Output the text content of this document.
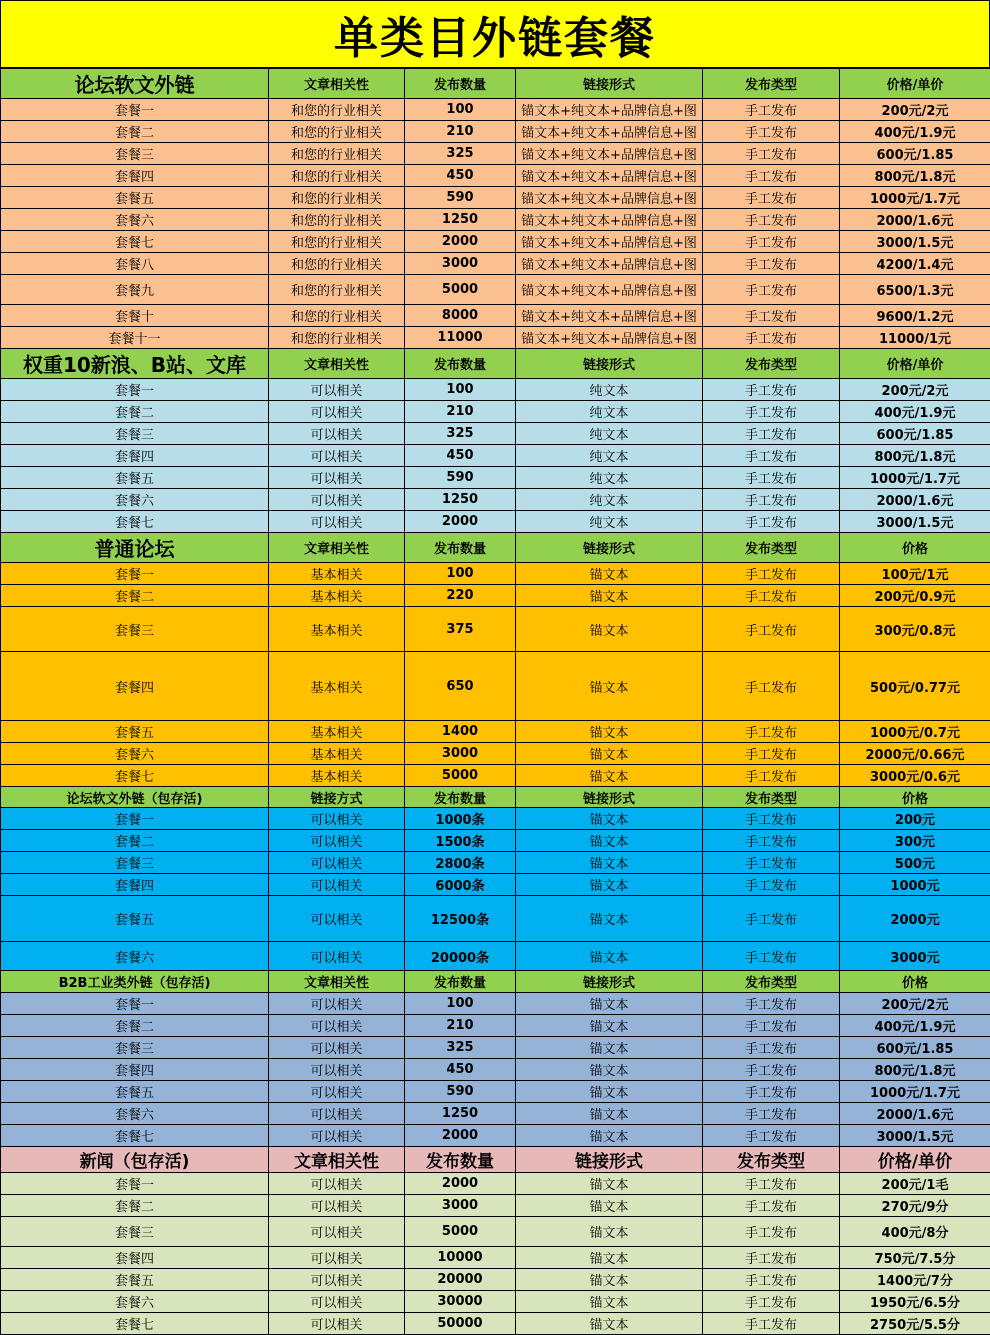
单类目外链套餐
论坛软文外链	文章相关性	发布数量	链接形式	发布类型	价格/单价
套餐一	和您的行业相关	100	锚文本+纯文本+品牌信息+图	手工发布	200元/2元
套餐二	和您的行业相关	210	锚文本+纯文本+品牌信息+图	手工发布	400元/1.9元
套餐三	和您的行业相关	325	锚文本+纯文本+品牌信息+图	手工发布	600元/1.85
套餐四	和您的行业相关	450	锚文本+纯文本+品牌信息+图	手工发布	800元/1.8元
套餐五	和您的行业相关	590	锚文本+纯文本+品牌信息+图	手工发布	1000元/1.7元
套餐六	和您的行业相关	1250	锚文本+纯文本+品牌信息+图	手工发布	2000/1.6元
套餐七	和您的行业相关	2000	锚文本+纯文本+品牌信息+图	手工发布	3000/1.5元
套餐八	和您的行业相关	3000	锚文本+纯文本+品牌信息+图	手工发布	4200/1.4元
套餐九	和您的行业相关	5000	锚文本+纯文本+品牌信息+图	手工发布	6500/1.3元
套餐十	和您的行业相关	8000	锚文本+纯文本+品牌信息+图	手工发布	9600/1.2元
套餐十一	和您的行业相关	11000	锚文本+纯文本+品牌信息+图	手工发布	11000/1元
权重10新浪、B站、文库	文章相关性	发布数量	链接形式	发布类型	价格/单价
套餐一	可以相关	100	纯文本	手工发布	200元/2元
套餐二	可以相关	210	纯文本	手工发布	400元/1.9元
套餐三	可以相关	325	纯文本	手工发布	600元/1.85
套餐四	可以相关	450	纯文本	手工发布	800元/1.8元
套餐五	可以相关	590	纯文本	手工发布	1000元/1.7元
套餐六	可以相关	1250	纯文本	手工发布	2000/1.6元
套餐七	可以相关	2000	纯文本	手工发布	3000/1.5元
普通论坛	文章相关性	发布数量	链接形式	发布类型	价格
套餐一	基本相关	100	锚文本	手工发布	100元/1元
套餐二	基本相关	220	锚文本	手工发布	200元/0.9元
套餐三	基本相关	375	锚文本	手工发布	300元/0.8元
套餐四	基本相关	650	锚文本	手工发布	500元/0.77元
套餐五	基本相关	1400	锚文本	手工发布	1000元/0.7元
套餐六	基本相关	3000	锚文本	手工发布	2000元/0.66元
套餐七	基本相关	5000	锚文本	手工发布	3000元/0.6元
论坛软文外链（包存活)	链接方式	发布数量	链接形式	发布类型	价格
套餐一	可以相关	1000条	锚文本	手工发布	200元
套餐二	可以相关	1500条	锚文本	手工发布	300元
套餐三	可以相关	2800条	锚文本	手工发布	500元
套餐四	可以相关	6000条	锚文本	手工发布	1000元
套餐五	可以相关	12500条	锚文本	手工发布	2000元
套餐六	可以相关	20000条	锚文本	手工发布	3000元
B2B工业类外链（包存活)	文章相关性	发布数量	链接形式	发布类型	价格
套餐一	可以相关	100	锚文本	手工发布	200元/2元
套餐二	可以相关	210	锚文本	手工发布	400元/1.9元
套餐三	可以相关	325	锚文本	手工发布	600元/1.85
套餐四	可以相关	450	锚文本	手工发布	800元/1.8元
套餐五	可以相关	590	锚文本	手工发布	1000元/1.7元
套餐六	可以相关	1250	锚文本	手工发布	2000/1.6元
套餐七	可以相关	2000	锚文本	手工发布	3000/1.5元
新闻（包存活)	文章相关性	发布数量	链接形式	发布类型	价格/单价
套餐一	可以相关	2000	锚文本	手工发布	200元/1毛
套餐二	可以相关	3000	锚文本	手工发布	270元/9分
套餐三	可以相关	5000	锚文本	手工发布	400元/8分
套餐四	可以相关	10000	锚文本	手工发布	750元/7.5分
套餐五	可以相关	20000	锚文本	手工发布	1400元/7分
套餐六	可以相关	30000	锚文本	手工发布	1950元/6.5分
套餐七	可以相关	50000	锚文本	手工发布	2750元/5.5分
